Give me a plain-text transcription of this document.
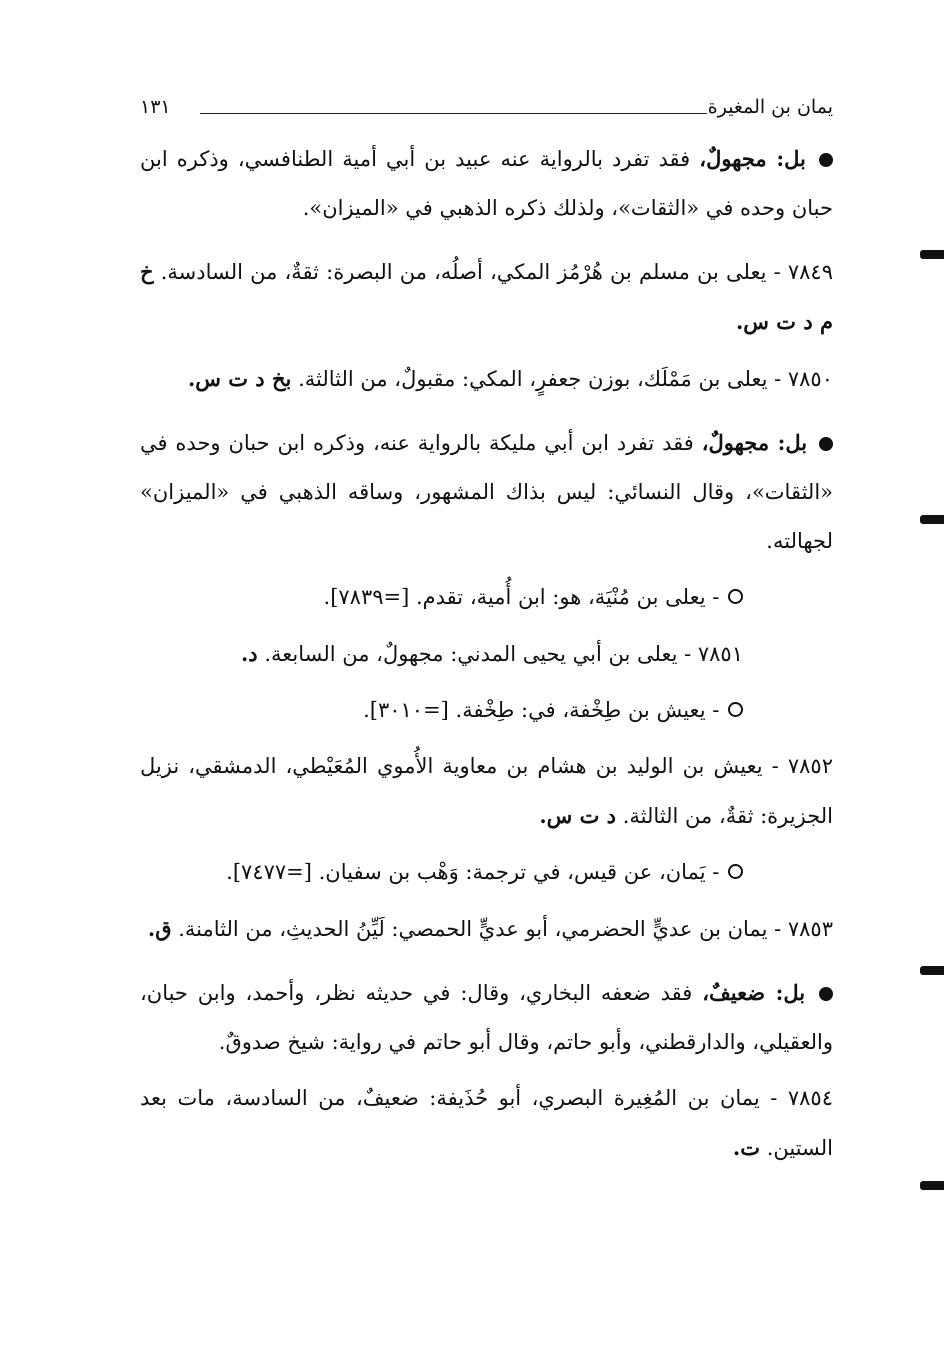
يمان بن المغيرة
١٣١

بل: مجهولٌ، فقد تفرد بالرواية عنه عبيد بن أبي أمية الطنافسي، وذكره ابن حبان وحده في «الثقات»، ولذلك ذكره الذهبي في «الميزان».

٧٨٤٩ - يعلى بن مسلم بن هُرْمُز المكي، أصلُه، من البصرة: ثقةٌ، من السادسة. خ م د ت س.

٧٨٥٠ - يعلى بن مَمْلَك، بوزن جعفرٍ، المكي: مقبولٌ، من الثالثة. بخ د ت س.

بل: مجهولٌ، فقد تفرد ابن أبي مليكة بالرواية عنه، وذكره ابن حبان وحده في «الثقات»، وقال النسائي: ليس بذاك المشهور، وساقه الذهبي في «الميزان» لجهالته.

- يعلى بن مُنْيَة، هو: ابن أُمية، تقدم. [=٧٨٣٩].

٧٨٥١ - يعلى بن أبي يحيى المدني: مجهولٌ، من السابعة. د.

- يعيش بن طِخْفة، في: طِخْفة. [=٣٠١٠].

٧٨٥٢ - يعيش بن الوليد بن هشام بن معاوية الأُموي المُعَيْطي، الدمشقي، نزيل الجزيرة: ثقةٌ، من الثالثة. د ت س.

- يَمان، عن قيس، في ترجمة: وَهْب بن سفيان. [=٧٤٧٧].

٧٨٥٣ - يمان بن عديٍّ الحضرمي، أبو عديٍّ الحمصي: لَيِّنُ الحديثِ، من الثامنة. ق.

بل: ضعيفٌ، فقد ضعفه البخاري، وقال: في حديثه نظر، وأحمد، وابن حبان، والعقيلي، والدارقطني، وأبو حاتم، وقال أبو حاتم في رواية: شيخ صدوقٌ.

٧٨٥٤ - يمان بن المُغِيرة البصري، أبو حُذَيفة: ضعيفٌ، من السادسة، مات بعد الستين. ت.
